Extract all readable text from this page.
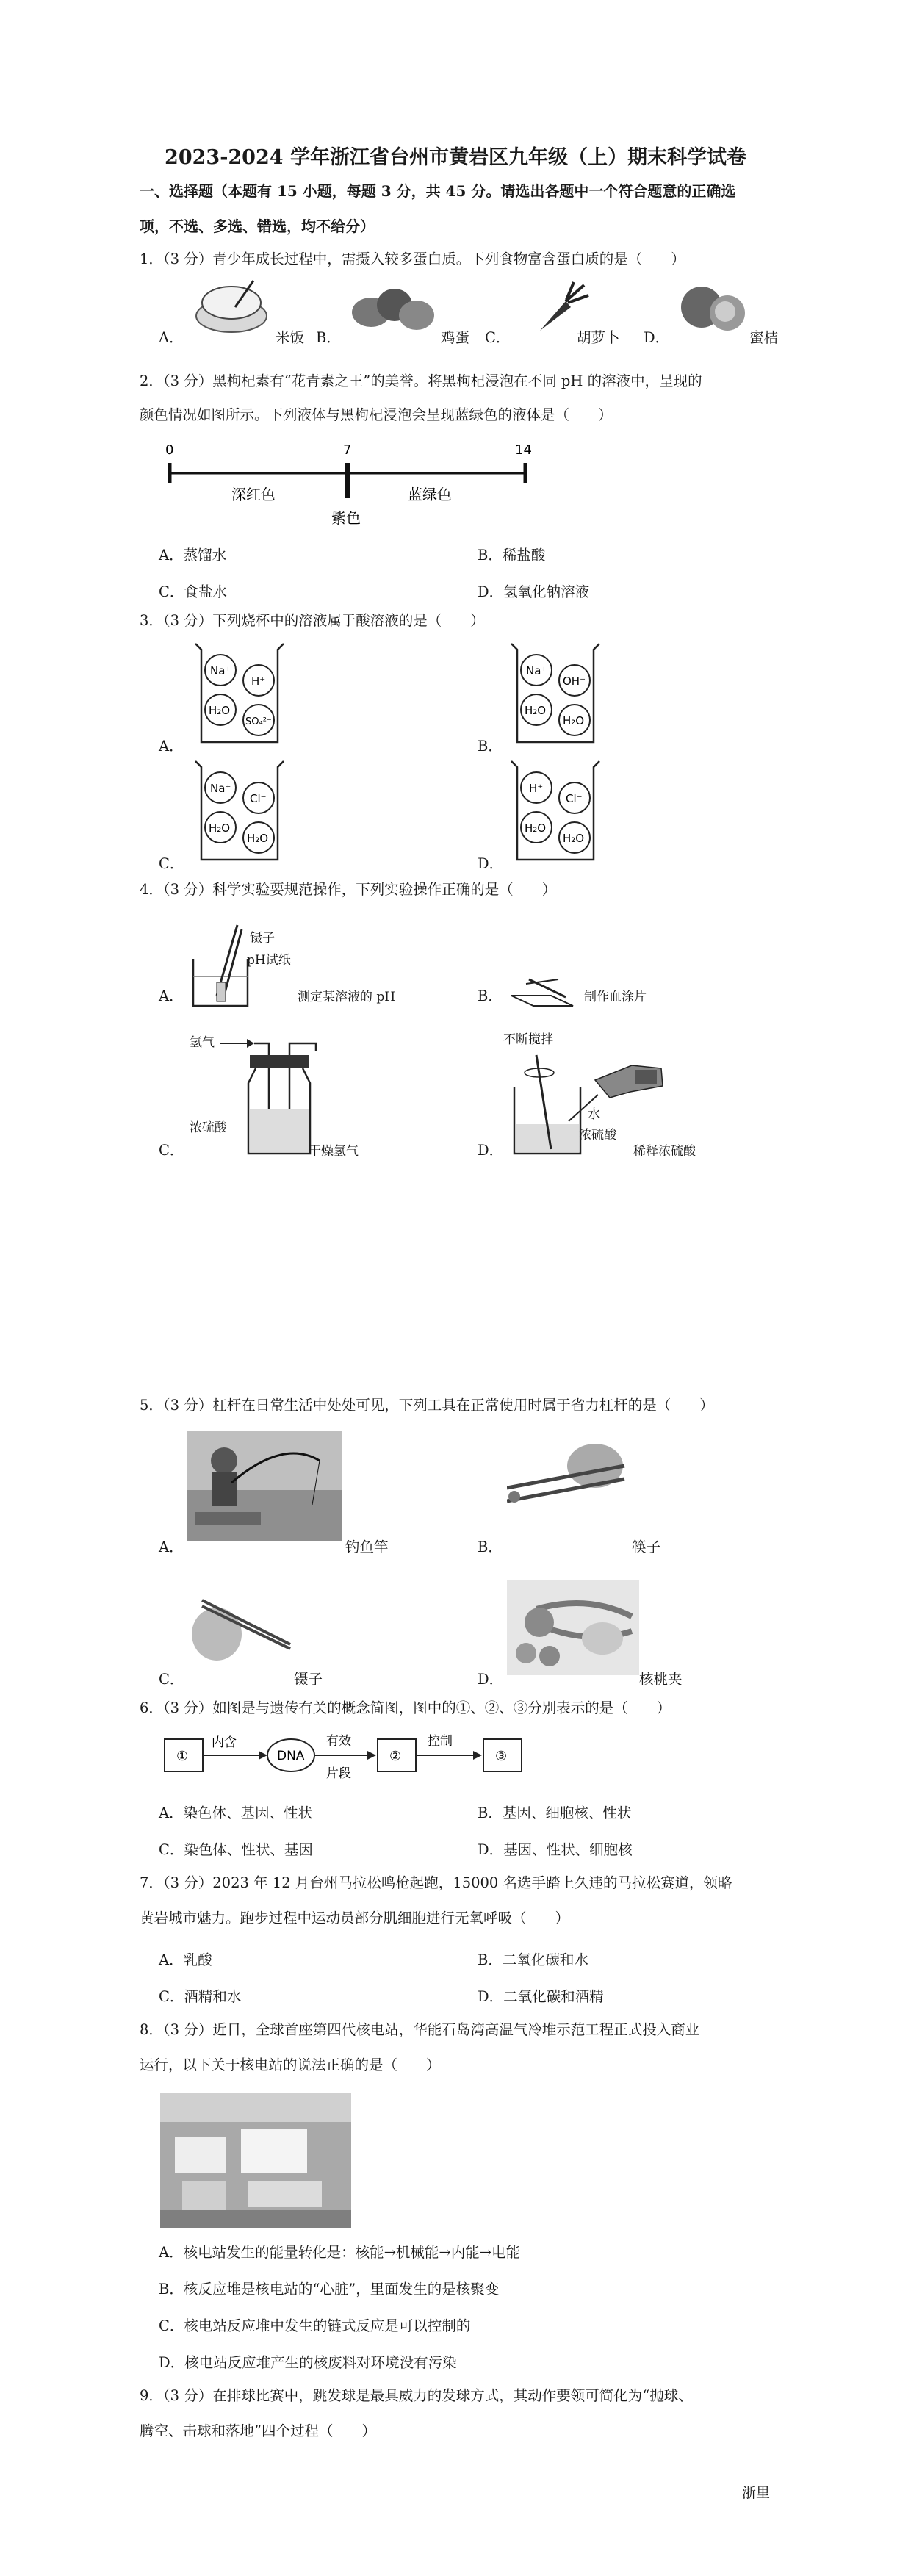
2023-2024 学年浙江省台州市黄岩区九年级（上）期末科学试卷
一、选择题（本题有 15 小题，每题 3 分，共 45 分。请选出各题中一个符合题意的正确选
项，不选、多选、错选，均不给分）
1．（3 分）青少年成长过程中，需摄入较多蛋白质。下列食物富含蛋白质的是（　　）
A．	米饭 B．	鸡蛋 C．	胡萝卜 D．	蜜桔
2．（3 分）黑枸杞素有“花青素之王”的美誉。将黑枸杞浸泡在不同 pH 的溶液中，呈现的
颜色情况如图所示。下列液体与黑枸杞浸泡会呈现蓝绿色的液体是（　　）
0	7	14
深红色	蓝绿色
紫色
A．蒸馏水	B．稀盐酸
C．食盐水	D．氢氧化钠溶液
3．（3 分）下列烧杯中的溶液属于酸溶液的是（　　）
A．	B．
C．	D．
Na⁺
H⁺
H₂O
SO₄²⁻
Na⁺
OH⁻
H₂O
H₂O
Na⁺
Cl⁻
H₂O
H₂O
H⁺
Cl⁻
H₂O
H₂O
4．（3 分）科学实验要规范操作，下列实验操作正确的是（　　）
镊子
pH试纸
A．	测定某溶液的 pH	B．	制作血涂片
氢气
浓硫酸
C．	干燥氢气
不断搅拌
水
浓硫酸
D．	稀释浓硫酸
5．（3 分）杠杆在日常生活中处处可见，下列工具在正常使用时属于省力杠杆的是（　　）
A．	钓鱼竿	B．	筷子
C．	镊子	D．	核桃夹
6．（3 分）如图是与遗传有关的概念简图，图中的①、②、③分别表示的是（　　）
①
内含
DNA
有效
片段
②
控制
③
A．染色体、基因、性状	B．基因、细胞核、性状
C．染色体、性状、基因	D．基因、性状、细胞核
7．（3 分）2023 年 12 月台州马拉松鸣枪起跑，15000 名选手踏上久违的马拉松赛道，领略
黄岩城市魅力。跑步过程中运动员部分肌细胞进行无氧呼吸（　　）
A．乳酸	B．二氧化碳和水
C．酒精和水	D．二氧化碳和酒精
8．（3 分）近日，全球首座第四代核电站，华能石岛湾高温气冷堆示范工程正式投入商业
运行，以下关于核电站的说法正确的是（　　）
A．核电站发生的能量转化是：核能→机械能→内能→电能
B．核反应堆是核电站的“心脏”，里面发生的是核聚变
C．核电站反应堆中发生的链式反应是可以控制的
D．核电站反应堆产生的核废料对环境没有污染
9．（3 分）在排球比赛中，跳发球是最具威力的发球方式，其动作要领可简化为“抛球、
腾空、击球和落地”四个过程（　　）
浙里
